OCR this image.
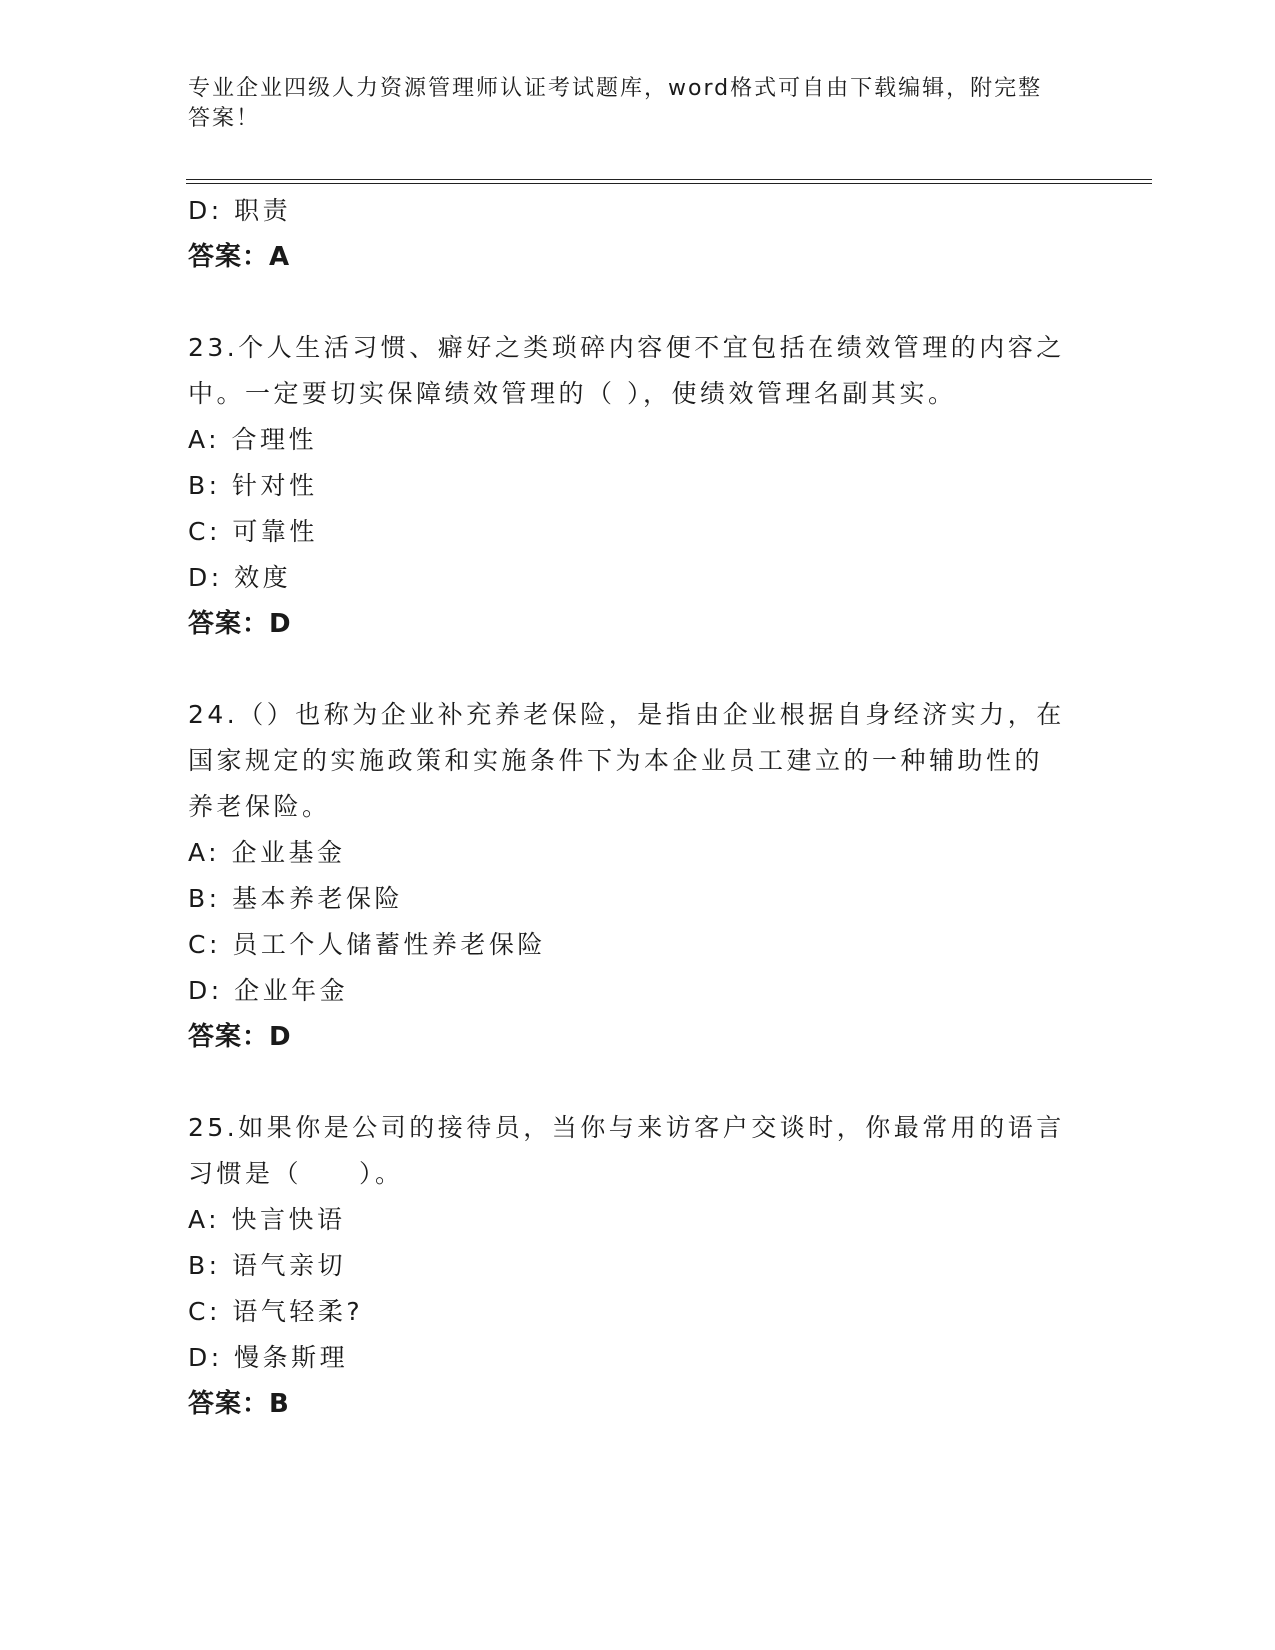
专业企业四级人力资源管理师认证考试题库，word格式可自由下载编辑，附完整
答案！
D: 职责
答案：A
23.个人生活习惯、癖好之类琐碎内容便不宜包括在绩效管理的内容之
中。一定要切实保障绩效管理的（ ），使绩效管理名副其实。
A: 合理性
B: 针对性
C: 可靠性
D: 效度
答案：D
24.（）也称为企业补充养老保险，是指由企业根据自身经济实力，在
国家规定的实施政策和实施条件下为本企业员工建立的一种辅助性的
养老保险。
A: 企业基金
B: 基本养老保险
C: 员工个人储蓄性养老保险
D: 企业年金
答案：D
25.如果你是公司的接待员，当你与来访客户交谈时，你最常用的语言
习惯是（　　）。
A: 快言快语
B: 语气亲切
C: 语气轻柔?
D: 慢条斯理
答案：B
